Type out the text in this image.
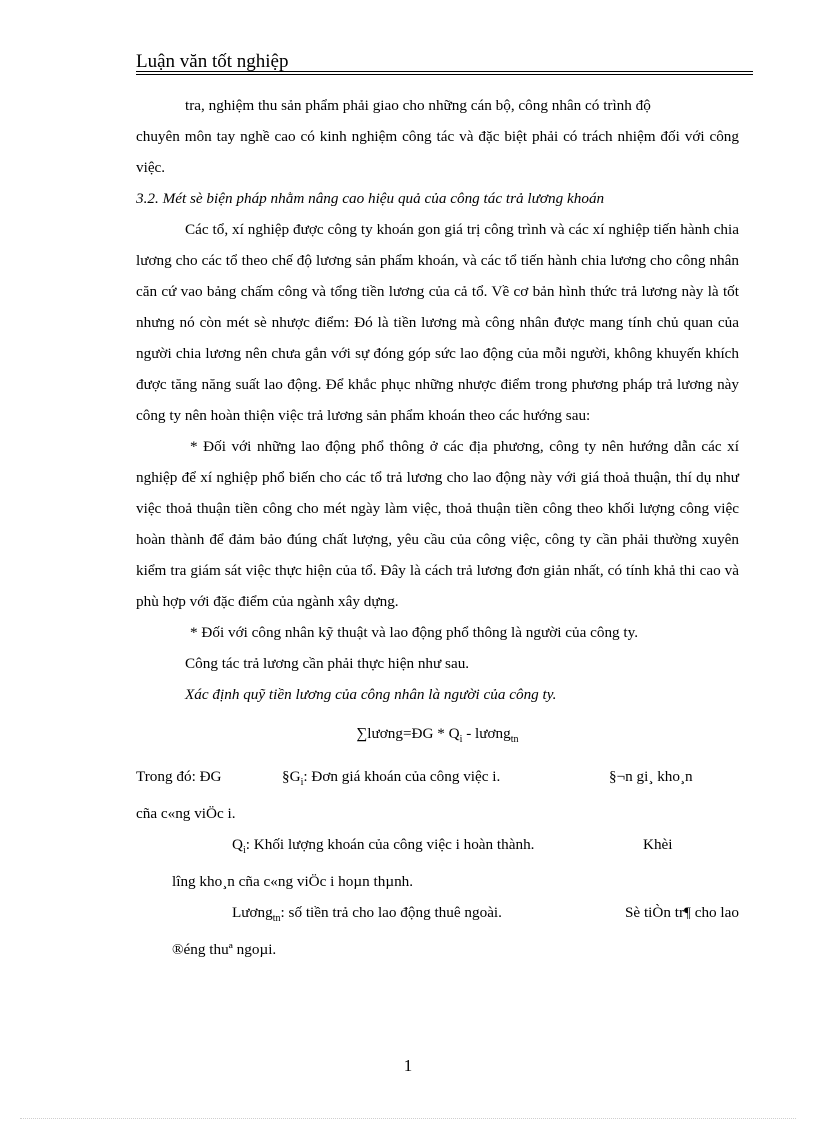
Luận văn tốt nghiệp

tra, nghiệm thu sản phẩm phải giao cho những cán bộ, công nhân có trình độ

chuyên môn tay nghề cao có kinh nghiệm công tác và đặc biệt phải có trách nhiệm đối với công việc.

3.2. Mét sè biện pháp nhằm nâng cao hiệu quả của công tác trả lương khoán

Các tổ, xí nghiệp được công ty khoán gon giá trị công trình và các xí nghiệp tiến hành chia lương cho các tổ theo chế độ lương sản phẩm khoán, và các tổ tiến hành chia lương cho công nhân căn cứ vao bảng chấm công và tổng tiền lương của cả tổ. Về cơ bản hình thức trả lương này là tốt nhưng nó còn mét sè nhược điểm: Đó là tiền lương mà công nhân được mang tính chủ quan của người chia lương nên chưa gắn với sự đóng góp sức lao động của mỗi người, không khuyến khích được tăng năng suất lao động. Để khắc phục những nhược điểm trong phương pháp trả lương này công ty nên hoàn thiện việc trả lương sản phẩm khoán theo các hướng sau:

* Đối với những lao động phổ thông ở các địa phương, công ty nên hướng dẫn các xí nghiệp để xí nghiệp phổ biến cho các tổ trả lương cho lao động này với giá thoả thuận, thí dụ như việc thoả thuận tiền công cho mét ngày làm việc, thoả thuận tiền công theo khối lượng công việc hoàn thành để đảm bảo đúng chất lượng, yêu cầu của công việc, công ty cần phải thường xuyên kiểm tra giám sát việc thực hiện của tổ. Đây là cách trả lương đơn giản nhất, có tính khả thi cao và phù hợp với đặc điểm của ngành xây dựng.

* Đối với công nhân kỹ thuật và lao động phổ thông là người của công ty.

Công tác trả lương cần phải thực hiện như sau.

Xác định quỹ tiền lương của công nhân là người của công ty.

∑lương=ĐG * $Q_i$ - lương$_{tn}$

Trong đó: ĐG	$\S G_i$: Đơn giá khoán của công việc i.	§¬n gi¸ kho¸n

cña c«ng viÖc i.

$Q_i$: Khối lượng khoán của công việc i hoàn thành.	Khèi

lîng kho¸n cña c«ng viÖc i hoµn thµnh.

Lương$_{tn}$: số tiền trả cho lao động thuê ngoài.	Sè tiÒn tr¶ cho lao

®éng thuª ngoµi.

1
